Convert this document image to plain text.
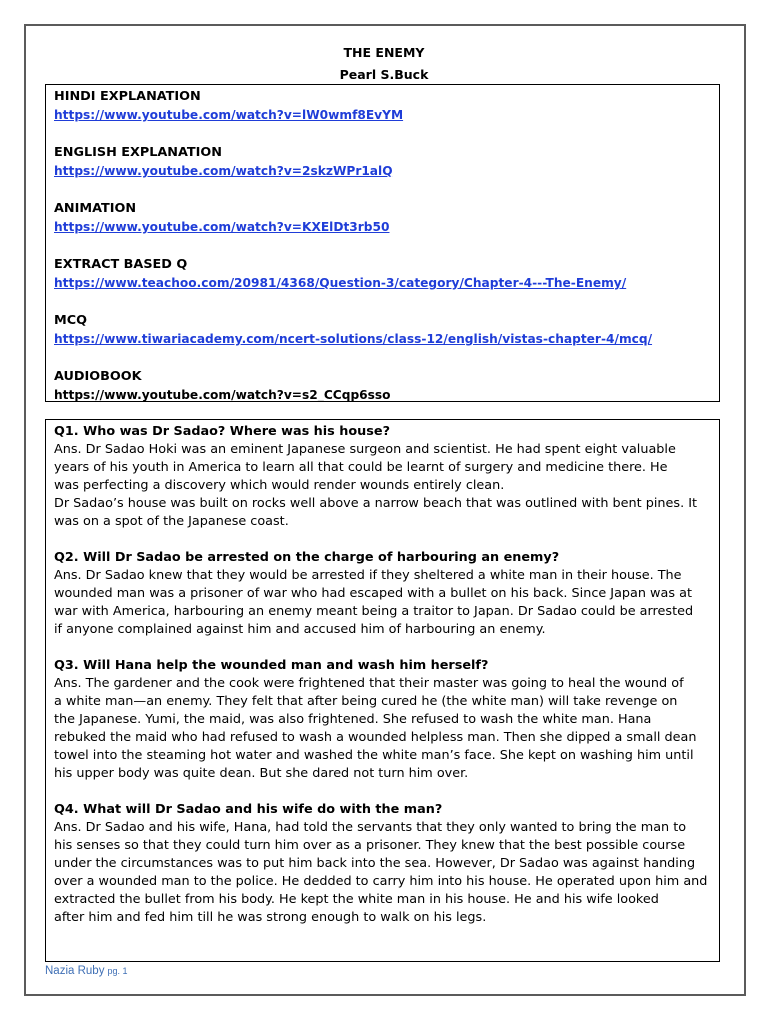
THE ENEMY
Pearl S.Buck
HINDI EXPLANATION
https://www.youtube.com/watch?v=lW0wmf8EvYM
ENGLISH EXPLANATION
https://www.youtube.com/watch?v=2skzWPr1alQ
ANIMATION
https://www.youtube.com/watch?v=KXElDt3rb50
EXTRACT BASED Q
https://www.teachoo.com/20981/4368/Question-3/category/Chapter-4---The-Enemy/
MCQ
https://www.tiwariacademy.com/ncert-solutions/class-12/english/vistas-chapter-4/mcq/
AUDIOBOOK
https://www.youtube.com/watch?v=s2_CCqp6sso
Q1. Who was Dr Sadao? Where was his house?
Ans. Dr Sadao Hoki was an eminent Japanese surgeon and scientist. He had spent eight valuable
years of his youth in America to learn all that could be learnt of surgery and medicine there. He
was perfecting a discovery which would render wounds entirely clean.
Dr Sadao’s house was built on rocks well above a narrow beach that was outlined with bent pines. It
was on a spot of the Japanese coast.
Q2. Will Dr Sadao be arrested on the charge of harbouring an enemy?
Ans. Dr Sadao knew that they would be arrested if they sheltered a white man in their house. The
wounded man was a prisoner of war who had escaped with a bullet on his back. Since Japan was at
war with America, harbouring an enemy meant being a traitor to Japan. Dr Sadao could be arrested
if anyone complained against him and accused him of harbouring an enemy.
Q3. Will Hana help the wounded man and wash him herself?
Ans. The gardener and the cook were frightened that their master was going to heal the wound of
a white man—an enemy. They felt that after being cured he (the white man) will take revenge on
the Japanese. Yumi, the maid, was also frightened. She refused to wash the white man. Hana
rebuked the maid who had refused to wash a wounded helpless man. Then she dipped a small dean
towel into the steaming hot water and washed the white man’s face. She kept on washing him until
his upper body was quite dean. But she dared not turn him over.
Q4. What will Dr Sadao and his wife do with the man?
Ans. Dr Sadao and his wife, Hana, had told the servants that they only wanted to bring the man to
his senses so that they could turn him over as a prisoner. They knew that the best possible course
under the circumstances was to put him back into the sea. However, Dr Sadao was against handing
over a wounded man to the police. He dedded to carry him into his house. He operated upon him and
extracted the bullet from his body. He kept the white man in his house. He and his wife looked
after him and fed him till he was strong enough to walk on his legs.
Nazia Ruby pg. 1
